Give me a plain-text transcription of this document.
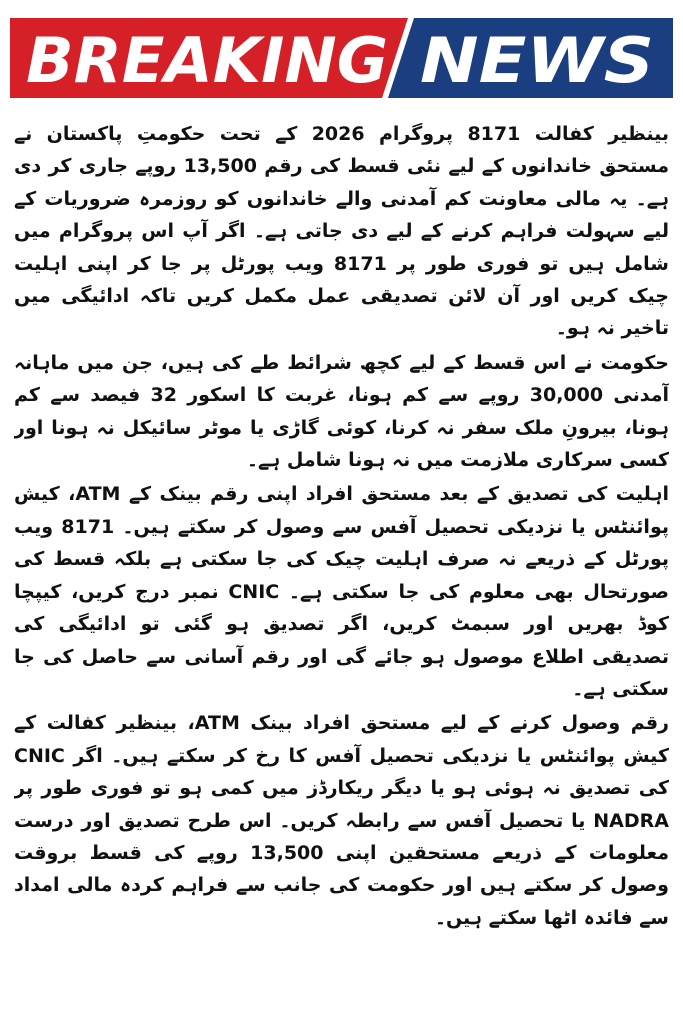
BREAKING NEWS

بینظیر کفالت 8171 پروگرام 2026 کے تحت حکومتِ پاکستان نے مستحق خاندانوں کے لیے نئی قسط کی رقم 13,500 روپے جاری کر دی ہے۔ یہ مالی معاونت کم آمدنی والے خاندانوں کو روزمرہ ضروریات کے لیے سہولت فراہم کرنے کے لیے دی جاتی ہے۔ اگر آپ اس پروگرام میں شامل ہیں تو فوری طور پر 8171 ویب پورٹل پر جا کر اپنی اہلیت چیک کریں اور آن لائن تصدیقی عمل مکمل کریں تاکہ ادائیگی میں تاخیر نہ ہو۔

حکومت نے اس قسط کے لیے کچھ شرائط طے کی ہیں، جن میں ماہانہ آمدنی 30,000 روپے سے کم ہونا، غربت کا اسکور 32 فیصد سے کم ہونا، بیرونِ ملک سفر نہ کرنا، کوئی گاڑی یا موٹر سائیکل نہ ہونا اور کسی سرکاری ملازمت میں نہ ہونا شامل ہے۔

اہلیت کی تصدیق کے بعد مستحق افراد اپنی رقم بینک کے ATM، کیش پوائنٹس یا نزدیکی تحصیل آفس سے وصول کر سکتے ہیں۔ 8171 ویب پورٹل کے ذریعے نہ صرف اہلیت چیک کی جا سکتی ہے بلکہ قسط کی صورتحال بھی معلوم کی جا سکتی ہے۔ CNIC نمبر درج کریں، کیپچا کوڈ بھریں اور سبمٹ کریں، اگر تصدیق ہو گئی تو ادائیگی کی تصدیقی اطلاع موصول ہو جائے گی اور رقم آسانی سے حاصل کی جا سکتی ہے۔

رقم وصول کرنے کے لیے مستحق افراد بینک ATM، بینظیر کفالت کے کیش پوائنٹس یا نزدیکی تحصیل آفس کا رخ کر سکتے ہیں۔ اگر CNIC کی تصدیق نہ ہوئی ہو یا دیگر ریکارڈز میں کمی ہو تو فوری طور پر NADRA یا تحصیل آفس سے رابطہ کریں۔ اس طرح تصدیق اور درست معلومات کے ذریعے مستحقین اپنی 13,500 روپے کی قسط بروقت وصول کر سکتے ہیں اور حکومت کی جانب سے فراہم کردہ مالی امداد سے فائدہ اٹھا سکتے ہیں۔
